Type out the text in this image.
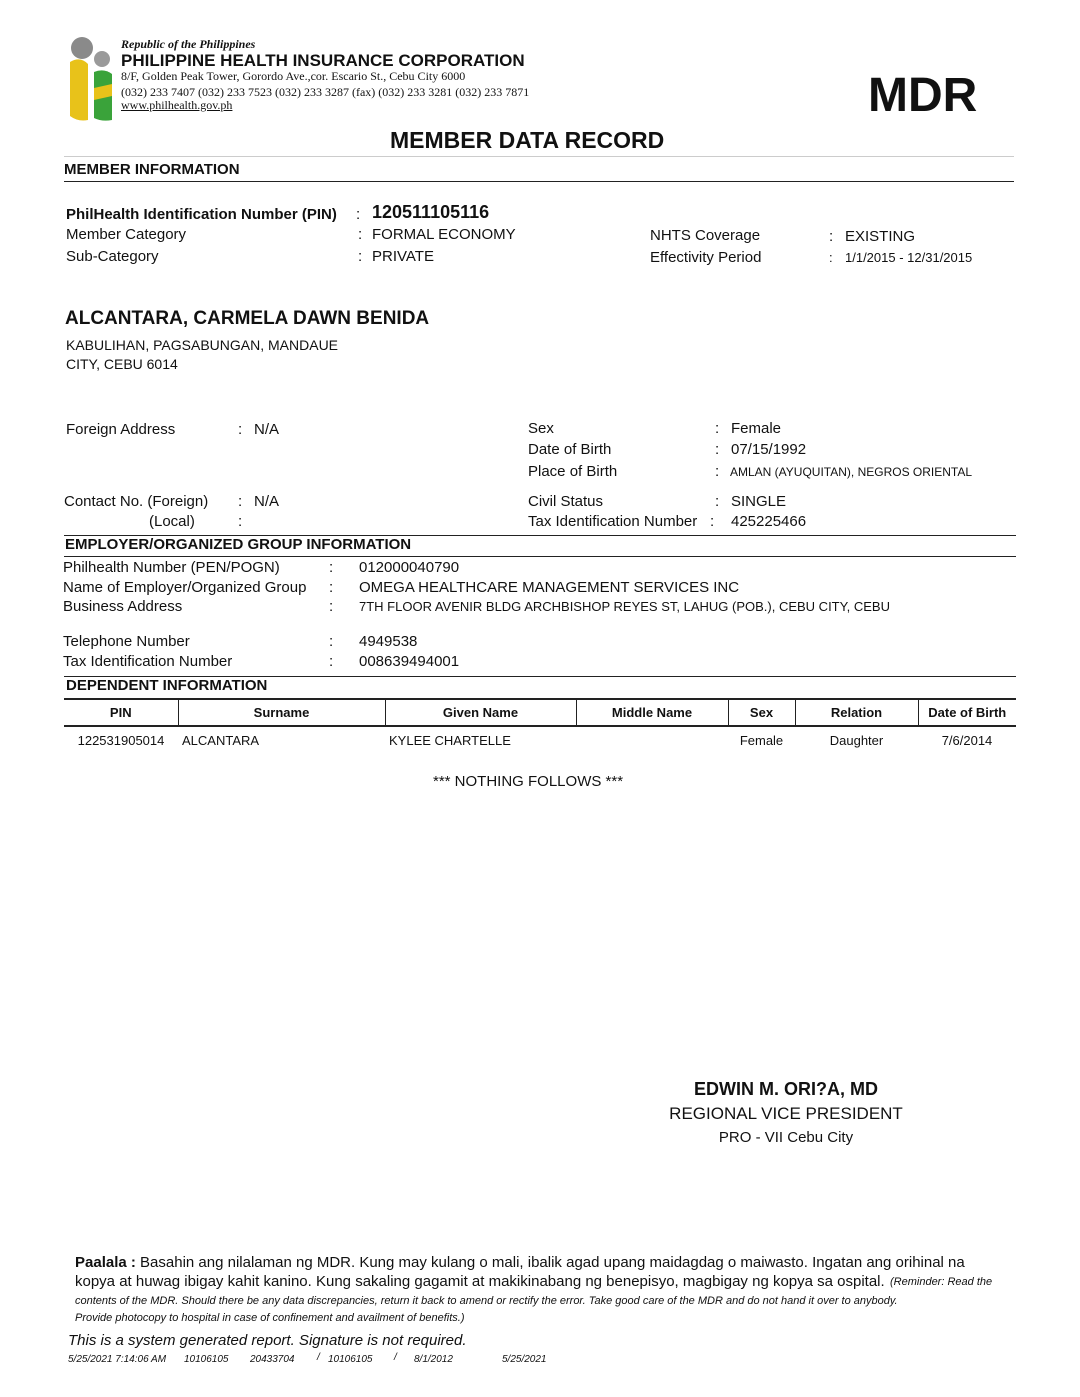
Republic of the Philippines
PHILIPPINE HEALTH INSURANCE CORPORATION
8/F, Golden Peak Tower, Gorordo Ave.,cor. Escario St., Cebu City 6000
(032) 233 7407 (032) 233 7523 (032) 233 3287 (fax) (032) 233 3281 (032) 233 7871
www.philhealth.gov.ph	MDR
MEMBER DATA RECORD
MEMBER INFORMATION
PhilHealth Identification Number (PIN) : 120511105116
Member Category	: FORMAL ECONOMY
Sub-Category	: PRIVATE
NHTS Coverage	: EXISTING
Effectivity Period	: 1/1/2015 - 12/31/2015
ALCANTARA, CARMELA DAWN BENIDA
KABULIHAN, PAGSABUNGAN, MANDAUE
CITY, CEBU 6014
Foreign Address	: N/A	Sex	: Female
Date of Birth	: 07/15/1992
Place of Birth	: AMLAN (AYUQUITAN), NEGROS ORIENTAL
Contact No. (Foreign) : N/A
(Local)	:
Civil Status	: SINGLE
Tax Identification Number : 425225466
EMPLOYER/ORGANIZED GROUP INFORMATION
Philhealth Number (PEN/POGN)	: 012000040790
Name of Employer/Organized Group : OMEGA HEALTHCARE MANAGEMENT SERVICES INC
Business Address	: 7TH FLOOR AVENIR BLDG ARCHBISHOP REYES ST, LAHUG (POB.), CEBU CITY, CEBU
Telephone Number	: 4949538
Tax Identification Number	: 008639494001
DEPENDENT INFORMATION
PIN	Surname	Given Name	Middle Name	Sex	Relation	Date of Birth
122531905014	ALCANTARA	KYLEE CHARTELLE		Female	Daughter	7/6/2014
*** NOTHING FOLLOWS ***
EDWIN M. ORI?A, MD
REGIONAL VICE PRESIDENT
PRO - VII Cebu City
Paalala : Basahin ang nilalaman ng MDR. Kung may kulang o mali, ibalik agad upang maidagdag o maiwasto. Ingatan ang orihinal na
kopya at huwag ibigay kahit kanino. Kung sakaling gagamit at makikinabang ng benepisyo, magbigay ng kopya sa ospital. (Reminder: Read the
contents of the MDR. Should there be any data discrepancies, return it back to amend or rectify the error. Take good care of the MDR and do not hand it over to anybody.
Provide photocopy to hospital in case of confinement and availment of benefits.)
This is a system generated report. Signature is not required.
5/25/2021 7:14:06 AM 10106105 20433704 / 10106105 / 8/1/2012	5/25/2021
